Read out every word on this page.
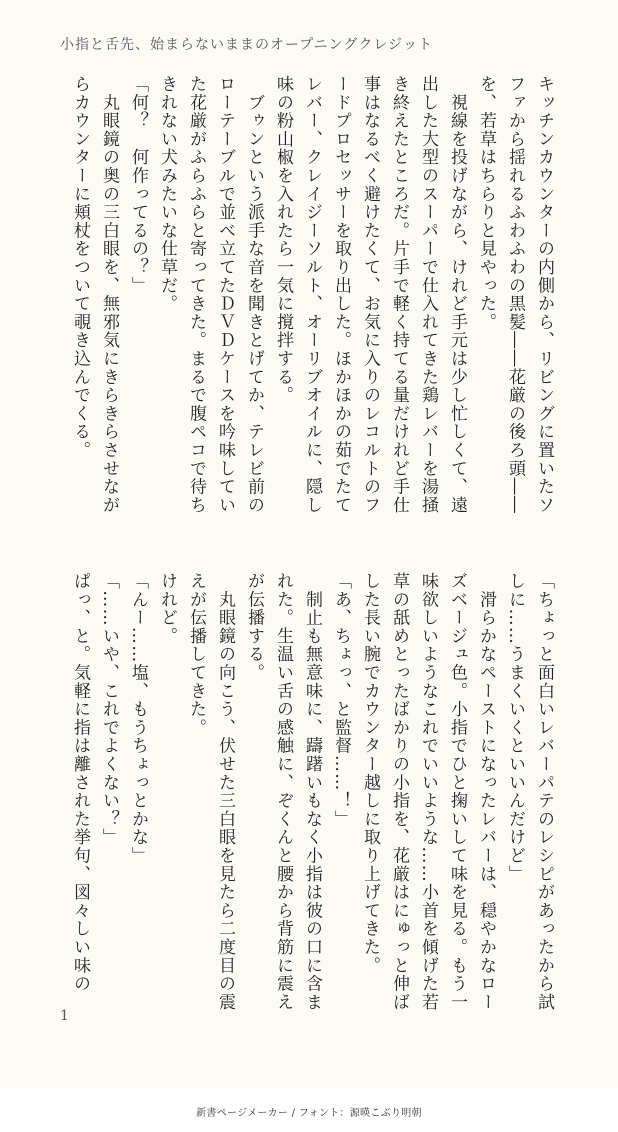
小指と舌先、始まらないままのオープニングクレジット

キッチンカウンターの内側から、リビングに置いたソファから揺れるふわふわの黒髪――花厳の後ろ頭――を、若草はちらりと見やった。

　視線を投げながら、けれど手元は少し忙しくて、遠出した大型のスーパーで仕入れてきた鶏レバーを湯掻き終えたところだ。片手で軽く持てる量だけれど手仕事はなるべく避けたくて、お気に入りのレコルトのフードプロセッサーを取り出した。ほかほかの茹でたてレバー、クレイジーソルト、オーリブオイルに、隠し味の粉山椒を入れたら一気に撹拌する。

　ブゥンという派手な音を聞きとげてか、テレビ前のローテーブルで並べ立てたＤＶＤケースを吟味していた花厳がふらふらと寄ってきた。まるで腹ペコで待ちきれない犬みたいな仕草だ。

「何？　何作ってるの？」

　丸眼鏡の奥の三白眼を、無邪気にきらきらさせながらカウンターに頬杖をついて覗き込んでくる。

「ちょっと面白いレバーパテのレシピがあったから試しに……うまくいくといいんだけど」

　滑らかなペーストになったレバーは、穏やかなローズベージュ色。小指でひと掬いして味を見る。もう一味欲しいようなこれでいいような……小首を傾げた若草の舐めとったばかりの小指を、花厳はにゅっと伸ばした長い腕でカウンター越しに取り上げてきた。

「あ、ちょっ、と監督……！」

　制止も無意味に、躊躇いもなく小指は彼の口に含まれた。生温い舌の感触に、ぞくんと腰から背筋に震えが伝播する。

　丸眼鏡の向こう、伏せた三白眼を見たら二度目の震えが伝播してきた。

けれど。

「んー……塩、もうちょっとかな」

「……いや、これでよくない？」

ぱっ、と。気軽に指は離された挙句、図々しい味の

1
新書ページメーカー / フォント：源暎こぶり明朝
